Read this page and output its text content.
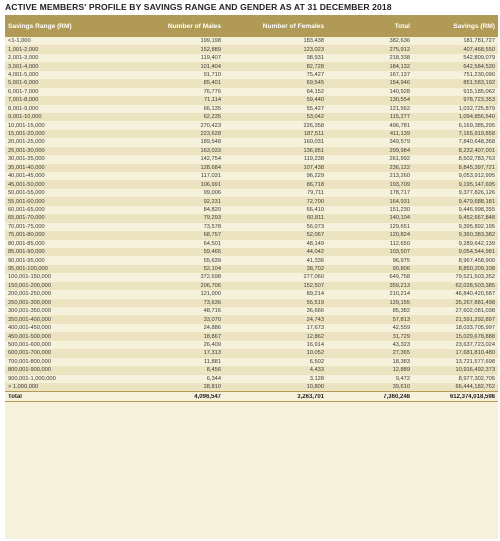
ACTIVE MEMBERS' PROFILE BY SAVINGS RANGE AND GENDER AS AT 31 DECEMBER 2018
Savings Range (RM)	Number of Males	Number of Females	Total	Savings (RM)
<1-1,000	199,198	183,438	382,636	181,781,727
1,001-2,000	152,889	123,023	275,912	407,468,550
2,001-3,000	119,407	98,931	218,338	542,809,079
3,001-4,000	101,404	82,728	184,132	642,584,530
4,001-5,000	91,710	75,427	167,137	751,230,090
5,001-6,000	85,401	69,545	154,946	851,583,192
6,001-7,000	76,776	64,152	140,928	915,185,062
7,001-8,000	71,114	59,440	130,554	978,723,353
8,001-9,000	66,135	55,427	121,562	1,032,725,879
9,001-10,000	62,235	53,042	115,277	1,094,856,540
10,001-15,000	270,423	226,358	496,781	6,169,385,295
15,001-20,000	223,628	187,511	411,139	7,165,919,858
20,001-25,000	189,548	160,031	349,579	7,840,648,368
25,001-30,000	163,033	136,951	299,984	8,232,407,001
30,001-35,000	142,754	119,238	261,992	8,502,783,763
35,001-40,000	128,684	107,438	236,122	8,845,397,721
40,001-45,000	117,031	96,229	213,260	9,053,912,995
45,001-50,000	106,991	86,718	193,709	9,195,147,695
50,001-55,000	99,006	79,711	178,717	9,377,826,126
55,001-60,000	92,231	72,700	164,931	9,479,688,181
60,001-65,000	84,820	66,410	151,230	9,446,998,355
65,001-70,000	79,293	60,811	140,104	9,452,667,848
70,001-75,000	73,578	56,073	129,651	9,395,892,195
75,001-80,000	68,757	52,067	120,824	9,360,383,382
80,001-85,000	64,501	48,149	112,650	9,289,642,139
85,001-90,000	59,465	44,042	103,507	9,054,544,981
90,001-95,000	55,639	41,336	96,975	8,967,458,900
95,001-100,000	52,104	38,702	90,806	8,850,209,108
100,001-150,000	372,698	277,060	649,758	79,521,503,352
150,001-200,000	206,706	152,507	359,213	62,028,503,385
200,001-250,000	121,000	89,214	210,214	46,840,420,587
250,001-300,000	73,636	55,519	129,155	35,267,881,498
300,001-350,000	48,716	36,666	85,382	27,602,081,038
350,001-400,000	33,070	24,743	57,813	21,591,292,897
400,001-450,000	24,886	17,673	42,559	18,033,705,997
450,001-500,000	18,867	12,862	31,729	15,029,678,888
500,001-600,000	26,409	16,914	43,323	23,637,723,024
600,001-700,000	17,313	10,052	27,365	17,681,810,480
700,001-800,000	11,881	6,502	18,383	13,721,577,698
800,001-900,000	8,456	4,433	12,889	10,916,492,373
900,001-1,000,000	6,344	3,128	9,472	8,977,302,705
> 1,000,000	28,810	10,800	39,610	66,444,182,762
Total	4,096,547	3,263,701	7,360,248	612,374,018,598
